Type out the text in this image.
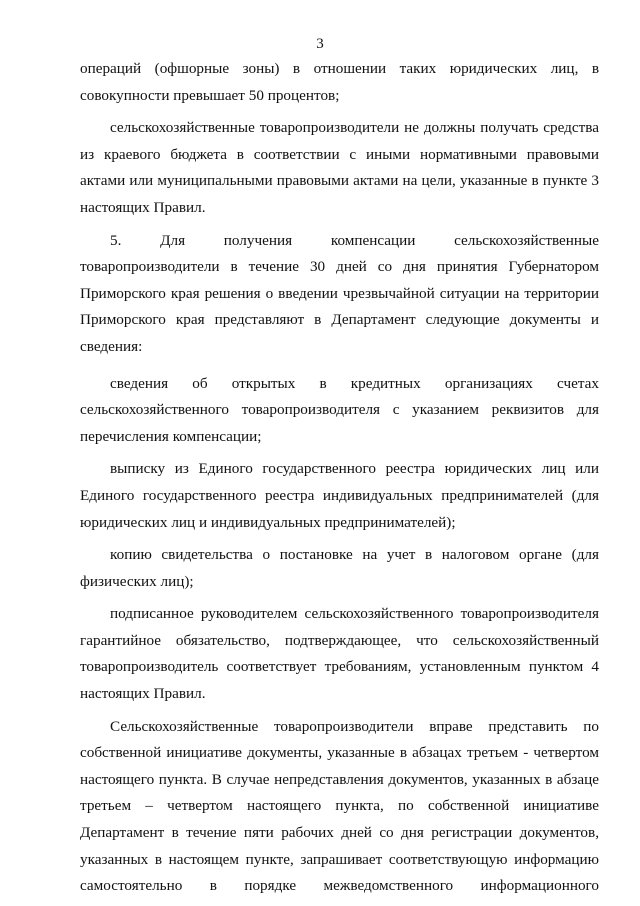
3

операций (офшорные зоны) в отношении таких юридических лиц, в совокупности превышает 50 процентов;

сельскохозяйственные товаропроизводители не должны получать средства из краевого бюджета в соответствии с иными нормативными правовыми актами или муниципальными правовыми актами на цели, указанные в пункте 3 настоящих Правил.

5. Для получения компенсации сельскохозяйственные товаропроизводители в течение 30 дней со дня принятия Губернатором Приморского края решения о введении чрезвычайной ситуации на территории Приморского края представляют в Департамент следующие документы и сведения:

сведения об открытых в кредитных организациях счетах сельскохозяйственного товаропроизводителя с указанием реквизитов для перечисления компенсации;

выписку из Единого государственного реестра юридических лиц или Единого государственного реестра индивидуальных предпринимателей (для юридических лиц и индивидуальных предпринимателей);

копию свидетельства о постановке на учет в налоговом органе (для физических лиц);

подписанное руководителем сельскохозяйственного товаропроизводителя гарантийное обязательство, подтверждающее, что сельскохозяйственный товаропроизводитель соответствует требованиям, установленным пунктом 4 настоящих Правил.

Сельскохозяйственные товаропроизводители вправе представить по собственной инициативе документы, указанные в абзацах третьем - четвертом настоящего пункта. В случае непредставления документов, указанных в абзаце третьем – четвертом настоящего пункта, по собственной инициативе Департамент в течение пяти рабочих дней со дня регистрации документов, указанных в настоящем пункте, запрашивает соответствующую информацию самостоятельно в порядке межведомственного информационного
